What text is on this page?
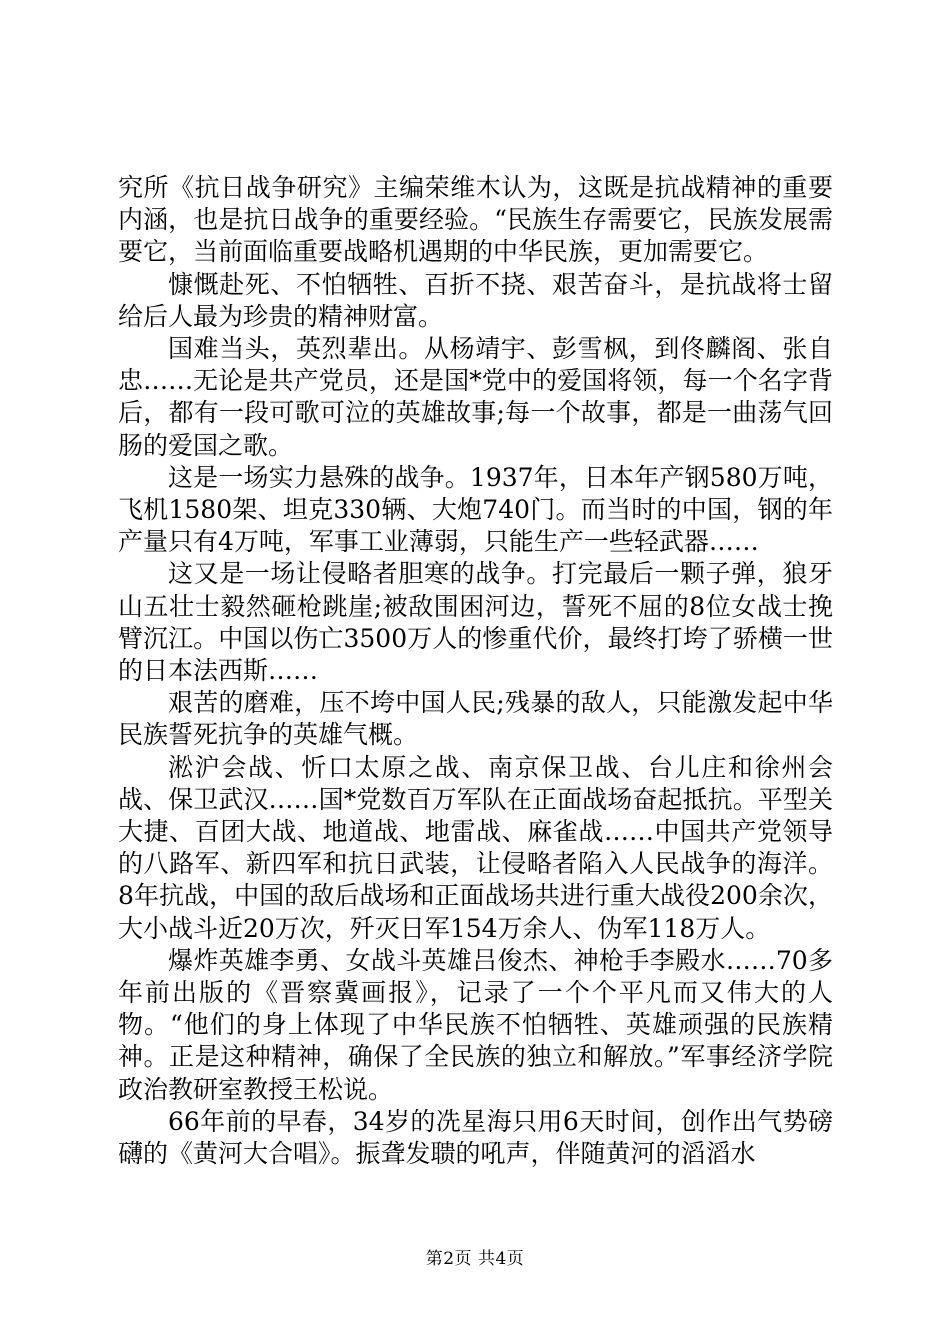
究所《抗日战争研究》主编荣维木认为，这既是抗战精神的重要内涵，也是抗日战争的重要经验。“民族生存需要它，民族发展需要它，当前面临重要战略机遇期的中华民族，更加需要它。

慷慨赴死、不怕牺牲、百折不挠、艰苦奋斗，是抗战将士留给后人最为珍贵的精神财富。

国难当头，英烈辈出。从杨靖宇、彭雪枫，到佟麟阁、张自忠……无论是共产党员，还是国*党中的爱国将领，每一个名字背后，都有一段可歌可泣的英雄故事;每一个故事，都是一曲荡气回肠的爱国之歌。

这是一场实力悬殊的战争。1937年，日本年产钢580万吨，飞机1580架、坦克330辆、大炮740门。而当时的中国，钢的年产量只有4万吨，军事工业薄弱，只能生产一些轻武器……

这又是一场让侵略者胆寒的战争。打完最后一颗子弹，狼牙山五壮士毅然砸枪跳崖;被敌围困河边，誓死不屈的8位女战士挽臂沉江。中国以伤亡3500万人的惨重代价，最终打垮了骄横一世的日本法西斯……

艰苦的磨难，压不垮中国人民;残暴的敌人，只能激发起中华民族誓死抗争的英雄气概。

淞沪会战、忻口太原之战、南京保卫战、台儿庄和徐州会战、保卫武汉……国*党数百万军队在正面战场奋起抵抗。平型关大捷、百团大战、地道战、地雷战、麻雀战……中国共产党领导的八路军、新四军和抗日武装，让侵略者陷入人民战争的海洋。8年抗战，中国的敌后战场和正面战场共进行重大战役200余次，大小战斗近20万次，歼灭日军154万余人、伪军118万人。

爆炸英雄李勇、女战斗英雄吕俊杰、神枪手李殿水……70多年前出版的《晋察冀画报》，记录了一个个平凡而又伟大的人物。“他们的身上体现了中华民族不怕牺牲、英雄顽强的民族精神。正是这种精神，确保了全民族的独立和解放。”军事经济学院政治教研室教授王松说。

66年前的早春，34岁的冼星海只用6天时间，创作出气势磅礴的《黄河大合唱》。振聋发聩的吼声，伴随黄河的滔滔水

第2页 共4页
